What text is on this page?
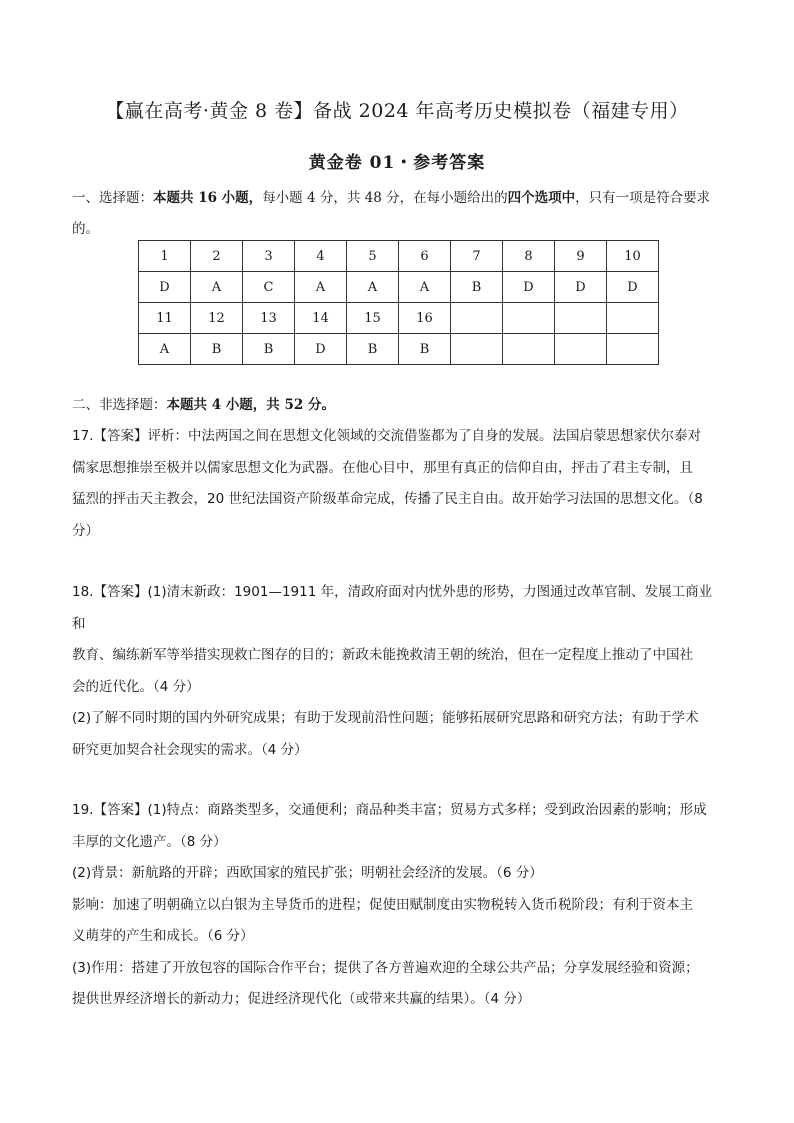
【赢在高考·黄金 8 卷】备战 2024 年高考历史模拟卷（福建专用）
黄金卷 01・参考答案
一、选择题：本题共 16 小题，每小题 4 分，共 48 分，在每小题给出的四个选项中，只有一项是符合要求的。
1	2	3	4	5	6	7	8	9	10
D	A	C	A	A	A	B	D	D	D
11	12	13	14	15	16				
A	B	B	D	B	B				
二、非选择题：本题共 4 小题，共 52 分。
17.【答案】评析：中法两国之间在思想文化领域的交流借鉴都为了自身的发展。法国启蒙思想家伏尔泰对
儒家思想推崇至极并以儒家思想文化为武器。在他心目中，那里有真正的信仰自由，抨击了君主专制，且
猛烈的抨击天主教会，20 世纪法国资产阶级革命完成，传播了民主自由。故开始学习法国的思想文化。（8
分）
18.【答案】(1)清末新政：1901—1911 年，清政府面对内忧外患的形势，力图通过改革官制、发展工商业和
教育、编练新军等举措实现救亡图存的目的；新政未能挽救清王朝的统治，但在一定程度上推动了中国社
会的近代化。（4 分）
(2)了解不同时期的国内外研究成果；有助于发现前沿性问题；能够拓展研究思路和研究方法；有助于学术
研究更加契合社会现实的需求。（4 分）
19.【答案】(1)特点：商路类型多，交通便利；商品种类丰富；贸易方式多样；受到政治因素的影响；形成
丰厚的文化遗产。（8 分）
(2)背景：新航路的开辟；西欧国家的殖民扩张；明朝社会经济的发展。（6 分）
影响：加速了明朝确立以白银为主导货币的进程；促使田赋制度由实物税转入货币税阶段；有利于资本主
义萌芽的产生和成长。（6 分）
(3)作用：搭建了开放包容的国际合作平台；提供了各方普遍欢迎的全球公共产品；分享发展经验和资源；
提供世界经济增长的新动力；促进经济现代化（或带来共赢的结果）。（4 分）
